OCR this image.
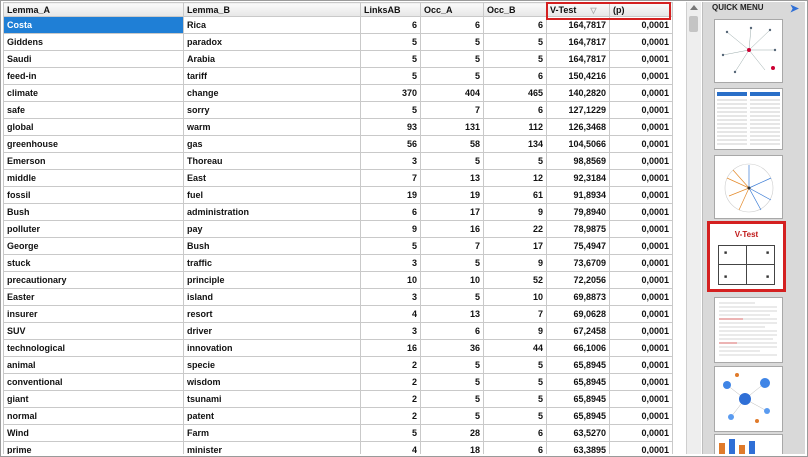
Lemma_A	Lemma_B	LinksAB	Occ_A	Occ_B	V-Test ▽	(p)
Costa	Rica	6	6	6	164,7817	0,0001
Giddens	paradox	5	5	5	164,7817	0,0001
Saudi	Arabia	5	5	5	164,7817	0,0001
feed-in	tariff	5	5	6	150,4216	0,0001
climate	change	370	404	465	140,2820	0,0001
safe	sorry	5	7	6	127,1229	0,0001
global	warm	93	131	112	126,3468	0,0001
greenhouse	gas	56	58	134	104,5066	0,0001
Emerson	Thoreau	3	5	5	98,8569	0,0001
middle	East	7	13	12	92,3184	0,0001
fossil	fuel	19	19	61	91,8934	0,0001
Bush	administration	6	17	9	79,8940	0,0001
polluter	pay	9	16	22	78,9875	0,0001
George	Bush	5	7	17	75,4947	0,0001
stuck	traffic	3	5	9	73,6709	0,0001
precautionary	principle	10	10	52	72,2056	0,0001
Easter	island	3	5	10	69,8873	0,0001
insurer	resort	4	13	7	69,0628	0,0001
SUV	driver	3	6	9	67,2458	0,0001
technological	innovation	16	36	44	66,1006	0,0001
animal	specie	2	5	5	65,8945	0,0001
conventional	wisdom	2	5	5	65,8945	0,0001
giant	tsunami	2	5	5	65,8945	0,0001
normal	patent	2	5	5	65,8945	0,0001
Wind	Farm	5	28	6	63,5270	0,0001
prime	minister	4	18	6	63,3895	0,0001
QUICK MENU ➤
V-Test
■	■
■	■
